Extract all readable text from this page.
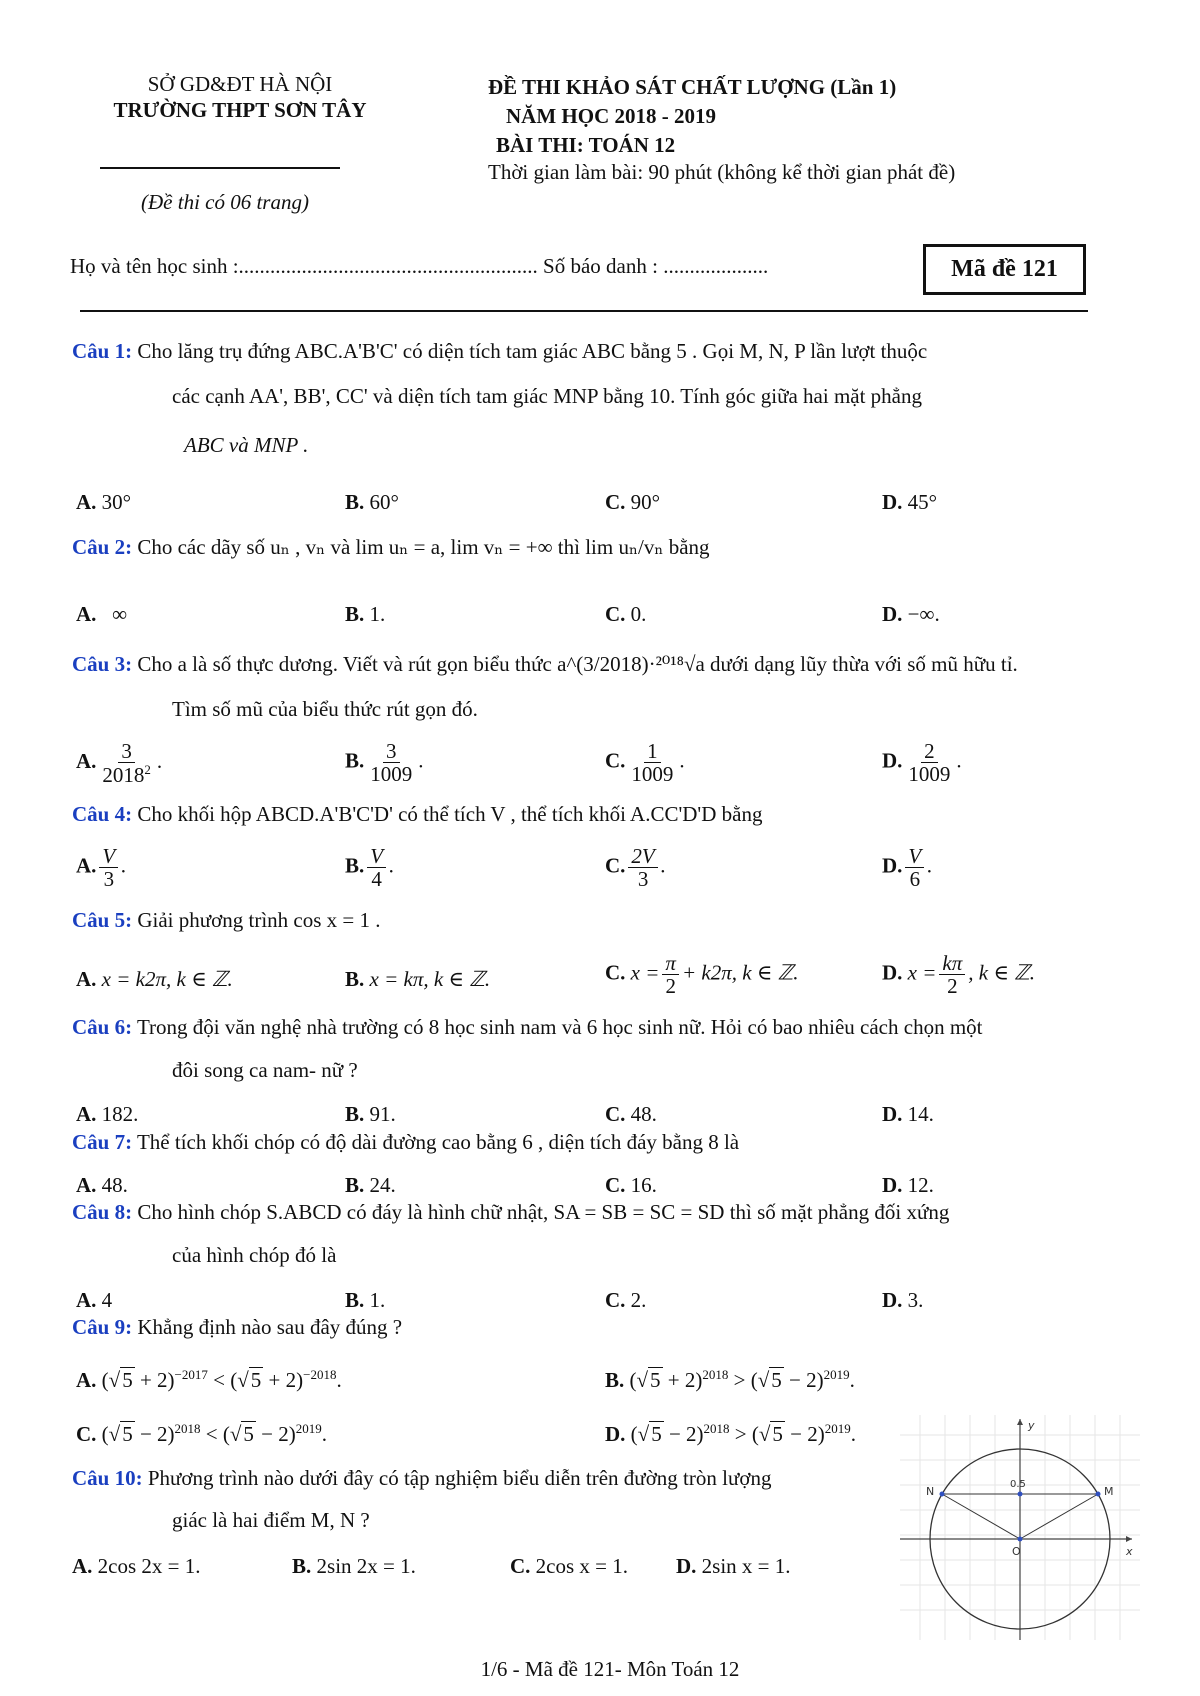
SỞ GD&ĐT HÀ NỘI
TRƯỜNG THPT SƠN TÂY
(Đề thi có 06 trang)
ĐỀ THI KHẢO SÁT CHẤT LƯỢNG (Lần 1)
NĂM HỌC 2018 - 2019
BÀI THI: TOÁN 12
Thời gian làm bài: 90 phút (không kể thời gian phát đề)
Họ và tên học sinh :......................................................... Số báo danh : ....................	Mã đề 121
Câu 1: Cho lăng trụ đứng ABC.A'B'C' có diện tích tam giác ABC bằng 5 . Gọi M, N, P lần lượt thuộc
các cạnh AA', BB', CC' và diện tích tam giác MNP bằng 10. Tính góc giữa hai mặt phẳng
ABC và MNP .
A. 30°	B. 60°	C. 90°	D. 45°
Câu 2: Cho các dãy số uₙ , vₙ và lim uₙ = a, lim vₙ = +∞ thì lim uₙ/vₙ bằng
A. ∞	B. 1.	C. 0.	D. −∞.
Câu 3: Cho a là số thực dương. Viết và rút gọn biểu thức a^(3/2018)·²⁰¹⁸√a dưới dạng lũy thừa với số mũ hữu tỉ.
Tìm số mũ của biểu thức rút gọn đó.
A. $\frac{3}{2018^2}$ .	B. $\frac{3}{1009}$ .	C. $\frac{1}{1009}$ .	D. $\frac{2}{1009}$ .
Câu 4: Cho khối hộp ABCD.A'B'C'D' có thể tích V , thể tích khối A.CC'D'D bằng
A. $\frac{V}{3}$ .	B. $\frac{V}{4}$ .	C. $\frac{2V}{3}$ .	D. $\frac{V}{6}$ .
Câu 5: Giải phương trình cos x = 1 .
A. x = k2π, k ∈ ℤ.	B. x = kπ, k ∈ ℤ.	C. $x = \frac{\pi}{2} + k2\pi$, k ∈ ℤ.	D. $x = \frac{k\pi}{2}$ , k ∈ ℤ.
Câu 6: Trong đội văn nghệ nhà trường có 8 học sinh nam và 6 học sinh nữ. Hỏi có bao nhiêu cách chọn một
đôi song ca nam- nữ ?
A. 182.	B. 91.	C. 48.	D. 14.
Câu 7: Thể tích khối chóp có độ dài đường cao bằng 6 , diện tích đáy bằng 8 là
A. 48.	B. 24.	C. 16.	D. 12.
Câu 8: Cho hình chóp S.ABCD có đáy là hình chữ nhật, SA = SB = SC = SD thì số mặt phẳng đối xứng
của hình chóp đó là
A. 4	B. 1.	C. 2.	D. 3.
Câu 9: Khẳng định nào sau đây đúng ?
A. $(√5 + 2)^{-2017} < (√5 + 2)^{-2018}$.	B. $(√5 + 2)^{2018} > (√5 - 2)^{2019}$.
C. $(√5 - 2)^{2018} < (√5 - 2)^{2019}$.	D. $(√5 - 2)^{2018} > (√5 - 2)^{2019}$.
Câu 10: Phương trình nào dưới đây có tập nghiệm biểu diễn trên đường tròn lượng
giác là hai điểm M, N ?
A. 2cos 2x = 1.	B. 2sin 2x = 1.	C. 2cos x = 1. D. 2sin x = 1.
y
x
O
M
N
0.5
1/6 - Mã đề 121- Môn Toán 12
